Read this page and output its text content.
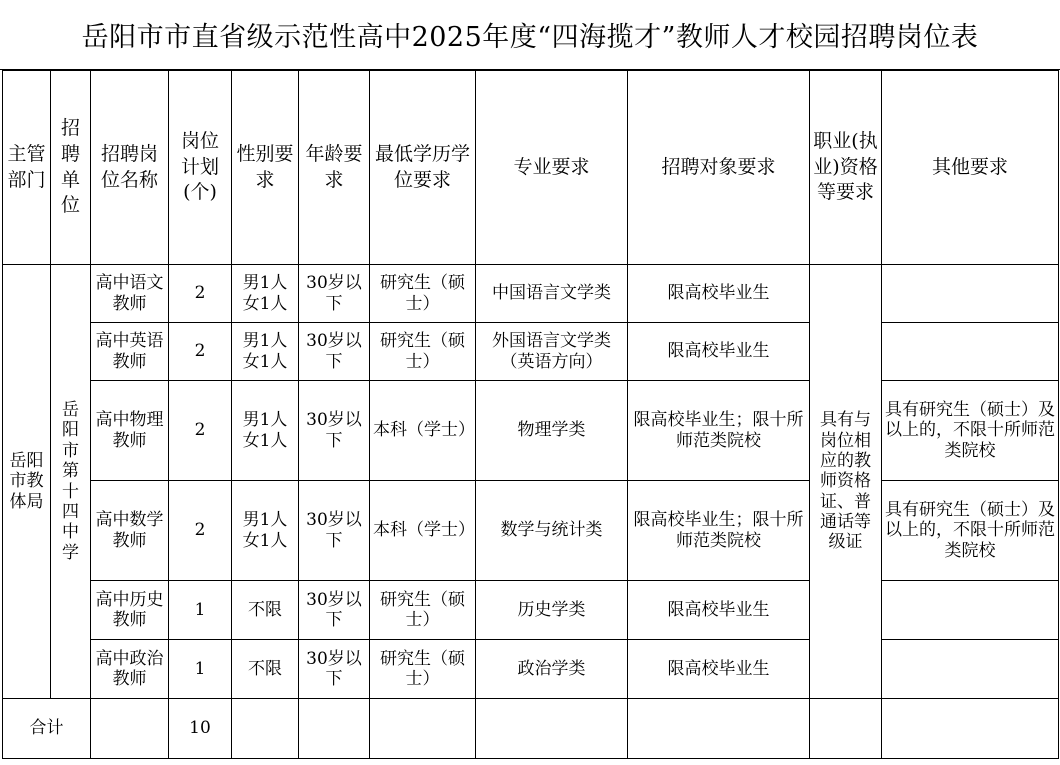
岳阳市市直省级示范性高中2025年度“四海揽才”教师人才校园招聘岗位表
主管部门	招聘单位	招聘岗位名称	岗位计划(个)	性别要求	年龄要求	最低学历学位要求	专业要求	招聘对象要求	职业(执业)资格等要求	其他要求
岳阳市教体局	岳阳市第十四中学	高中语文教师	2	男1人女1人	30岁以下	研究生（硕士）	中国语言文学类	限高校毕业生	具有与岗位相应的教师资格证、普通话等级证	
		高中英语教师	2	男1人女1人	30岁以下	研究生（硕士）	外国语言文学类（英语方向）	限高校毕业生		
		高中物理教师	2	男1人女1人	30岁以下	本科（学士）	物理学类	限高校毕业生；限十所师范类院校		具有研究生（硕士）及以上的，不限十所师范类院校
		高中数学教师	2	男1人女1人	30岁以下	本科（学士）	数学与统计类	限高校毕业生；限十所师范类院校		具有研究生（硕士）及以上的，不限十所师范类院校
		高中历史教师	1	不限	30岁以下	研究生（硕士）	历史学类	限高校毕业生		
		高中政治教师	1	不限	30岁以下	研究生（硕士）	政治学类	限高校毕业生		
合计			10							
